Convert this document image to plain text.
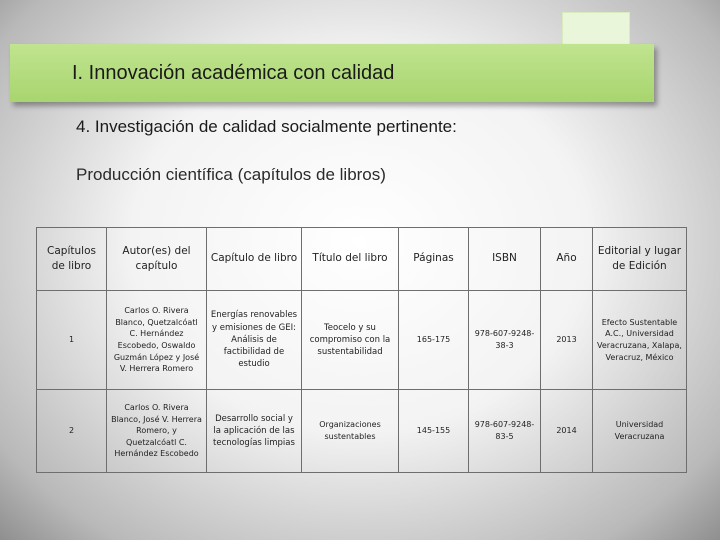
I. Innovación académica con calidad
4. Investigación de calidad socialmente pertinente:
Producción científica (capítulos de libros)
Capítulos de libro	Autor(es) del capítulo	Capítulo de libro	Título del libro	Páginas	ISBN	Año	Editorial y lugar de Edición
1	Carlos O. Rivera Blanco, Quetzalcóatl C. Hernández Escobedo, Oswaldo Guzmán López y José V. Herrera Romero	Energías renovables y emisiones de GEI: Análisis de factibilidad de estudio	Teocelo y su compromiso con la sustentabilidad	165-175	978-607-9248-38-3	2013	Efecto Sustentable A.C., Universidad Veracruzana, Xalapa, Veracruz, México
2	Carlos O. Rivera Blanco, José V. Herrera Romero, y Quetzalcóatl C. Hernández Escobedo	Desarrollo social y la aplicación de las tecnologías limpias	Organizaciones sustentables	145-155	978-607-9248-83-5	2014	Universidad Veracruzana
